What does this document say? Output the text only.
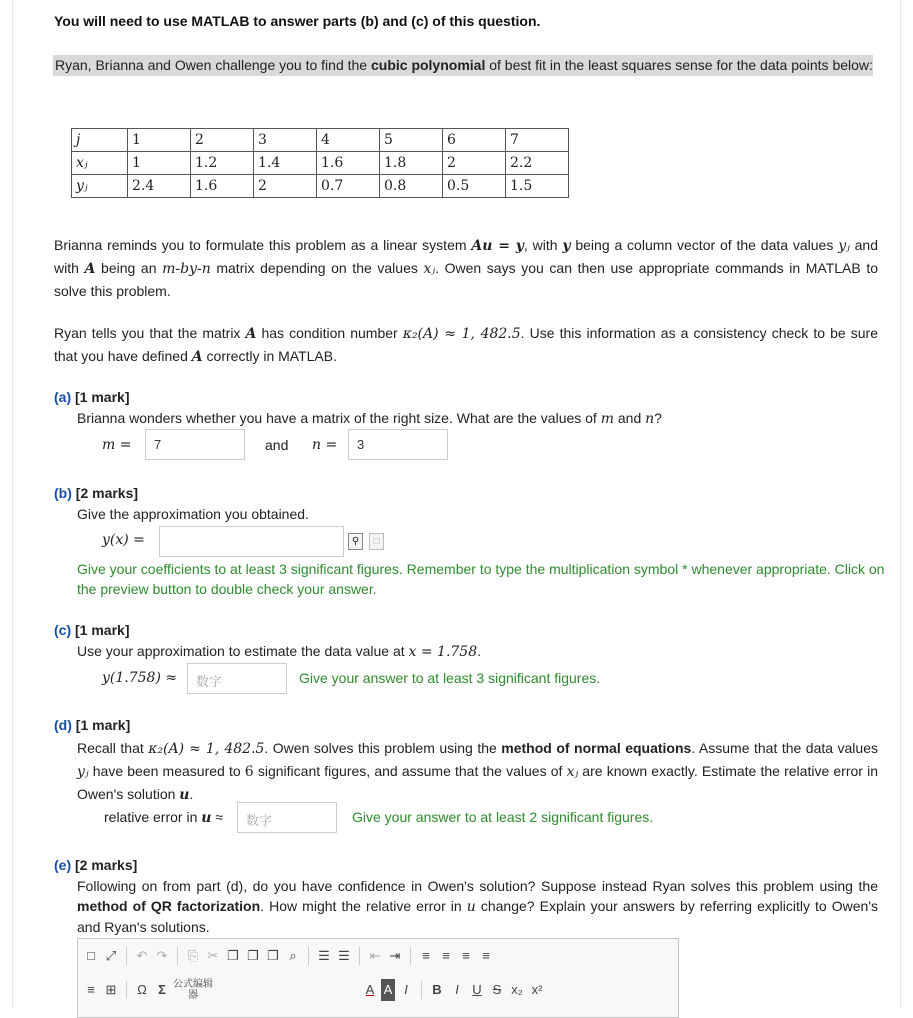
You will need to use MATLAB to answer parts (b) and (c) of this question.
Ryan, Brianna and Owen challenge you to find the cubic polynomial of best fit in the least squares sense for the data points below:
j	1	2	3	4	5	6	7
xⱼ	1	1.2	1.4	1.6	1.8	2	2.2
yⱼ	2.4	1.6	2	0.7	0.8	0.5	1.5
Brianna reminds you to formulate this problem as a linear system Au = y, with y being a column vector of the data values yⱼ and with A being an m-by-n matrix depending on the values xⱼ. Owen says you can then use appropriate commands in MATLAB to solve this problem.
Ryan tells you that the matrix A has condition number κ₂(A) ≈ 1, 482.5. Use this information as a consistency check to be sure that you have defined A correctly in MATLAB.
(a) [1 mark]
Brianna wonders whether you have a matrix of the right size. What are the values of m and n?
m =	7	and n =	3
(b) [2 marks]
Give the approximation you obtained.
y(x) =	⚲	□
Give your coefficients to at least 3 significant figures. Remember to type the multiplication symbol * whenever appropriate. Click on the preview button to double check your answer.
(c) [1 mark]
Use your approximation to estimate the data value at x = 1.758.
y(1.758) ≈	数字	Give your answer to at least 3 significant figures.
(d) [1 mark]
Recall that κ₂(A) ≈ 1, 482.5. Owen solves this problem using the method of normal equations. Assume that the data values yⱼ have been measured to 6 significant figures, and assume that the values of xⱼ are known exactly. Estimate the relative error in Owen's solution u.
relative error in u ≈	数字	Give your answer to at least 2 significant figures.
(e) [2 marks]
Following on from part (d), do you have confidence in Owen's solution? Suppose instead Ryan solves this problem using the method of QR factorization. How might the relative error in u change? Explain your answers by referring explicitly to Owen's and Ryan's solutions.
□ ⤢ ↶ ↷ ⎘ ✂ ❐ ❐ ❐ ⌕	☰ ☰ ⇤ ⇥	≡ ≡ ≡ ≡
≡ ⊞	Ω Σ 公式编辑器	A A I	B	I	U S x₂ x²
